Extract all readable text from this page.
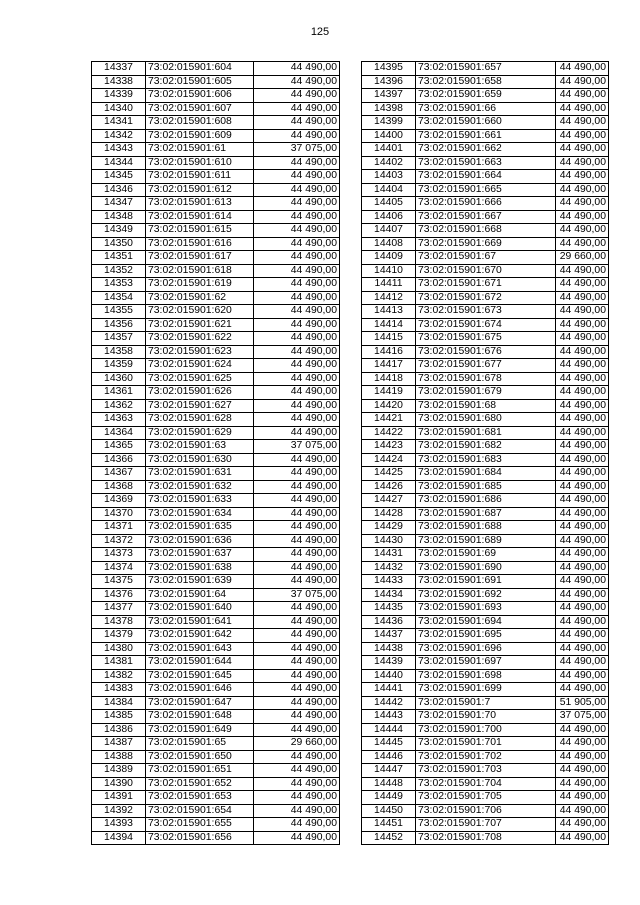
125
14337	73:02:015901:604	44 490,00
14338	73:02:015901:605	44 490,00
14339	73:02:015901:606	44 490,00
14340	73:02:015901:607	44 490,00
14341	73:02:015901:608	44 490,00
14342	73:02:015901:609	44 490,00
14343	73:02:015901:61	37 075,00
14344	73:02:015901:610	44 490,00
14345	73:02:015901:611	44 490,00
14346	73:02:015901:612	44 490,00
14347	73:02:015901:613	44 490,00
14348	73:02:015901:614	44 490,00
14349	73:02:015901:615	44 490,00
14350	73:02:015901:616	44 490,00
14351	73:02:015901:617	44 490,00
14352	73:02:015901:618	44 490,00
14353	73:02:015901:619	44 490,00
14354	73:02:015901:62	44 490,00
14355	73:02:015901:620	44 490,00
14356	73:02:015901:621	44 490,00
14357	73:02:015901:622	44 490,00
14358	73:02:015901:623	44 490,00
14359	73:02:015901:624	44 490,00
14360	73:02:015901:625	44 490,00
14361	73:02:015901:626	44 490,00
14362	73:02:015901:627	44 490,00
14363	73:02:015901:628	44 490,00
14364	73:02:015901:629	44 490,00
14365	73:02:015901:63	37 075,00
14366	73:02:015901:630	44 490,00
14367	73:02:015901:631	44 490,00
14368	73:02:015901:632	44 490,00
14369	73:02:015901:633	44 490,00
14370	73:02:015901:634	44 490,00
14371	73:02:015901:635	44 490,00
14372	73:02:015901:636	44 490,00
14373	73:02:015901:637	44 490,00
14374	73:02:015901:638	44 490,00
14375	73:02:015901:639	44 490,00
14376	73:02:015901:64	37 075,00
14377	73:02:015901:640	44 490,00
14378	73:02:015901:641	44 490,00
14379	73:02:015901:642	44 490,00
14380	73:02:015901:643	44 490,00
14381	73:02:015901:644	44 490,00
14382	73:02:015901:645	44 490,00
14383	73:02:015901:646	44 490,00
14384	73:02:015901:647	44 490,00
14385	73:02:015901:648	44 490,00
14386	73:02:015901:649	44 490,00
14387	73:02:015901:65	29 660,00
14388	73:02:015901:650	44 490,00
14389	73:02:015901:651	44 490,00
14390	73:02:015901:652	44 490,00
14391	73:02:015901:653	44 490,00
14392	73:02:015901:654	44 490,00
14393	73:02:015901:655	44 490,00
14394	73:02:015901:656	44 490,00
14395	73:02:015901:657	44 490,00
14396	73:02:015901:658	44 490,00
14397	73:02:015901:659	44 490,00
14398	73:02:015901:66	44 490,00
14399	73:02:015901:660	44 490,00
14400	73:02:015901:661	44 490,00
14401	73:02:015901:662	44 490,00
14402	73:02:015901:663	44 490,00
14403	73:02:015901:664	44 490,00
14404	73:02:015901:665	44 490,00
14405	73:02:015901:666	44 490,00
14406	73:02:015901:667	44 490,00
14407	73:02:015901:668	44 490,00
14408	73:02:015901:669	44 490,00
14409	73:02:015901:67	29 660,00
14410	73:02:015901:670	44 490,00
14411	73:02:015901:671	44 490,00
14412	73:02:015901:672	44 490,00
14413	73:02:015901:673	44 490,00
14414	73:02:015901:674	44 490,00
14415	73:02:015901:675	44 490,00
14416	73:02:015901:676	44 490,00
14417	73:02:015901:677	44 490,00
14418	73:02:015901:678	44 490,00
14419	73:02:015901:679	44 490,00
14420	73:02:015901:68	44 490,00
14421	73:02:015901:680	44 490,00
14422	73:02:015901:681	44 490,00
14423	73:02:015901:682	44 490,00
14424	73:02:015901:683	44 490,00
14425	73:02:015901:684	44 490,00
14426	73:02:015901:685	44 490,00
14427	73:02:015901:686	44 490,00
14428	73:02:015901:687	44 490,00
14429	73:02:015901:688	44 490,00
14430	73:02:015901:689	44 490,00
14431	73:02:015901:69	44 490,00
14432	73:02:015901:690	44 490,00
14433	73:02:015901:691	44 490,00
14434	73:02:015901:692	44 490,00
14435	73:02:015901:693	44 490,00
14436	73:02:015901:694	44 490,00
14437	73:02:015901:695	44 490,00
14438	73:02:015901:696	44 490,00
14439	73:02:015901:697	44 490,00
14440	73:02:015901:698	44 490,00
14441	73:02:015901:699	44 490,00
14442	73:02:015901:7	51 905,00
14443	73:02:015901:70	37 075,00
14444	73:02:015901:700	44 490,00
14445	73:02:015901:701	44 490,00
14446	73:02:015901:702	44 490,00
14447	73:02:015901:703	44 490,00
14448	73:02:015901:704	44 490,00
14449	73:02:015901:705	44 490,00
14450	73:02:015901:706	44 490,00
14451	73:02:015901:707	44 490,00
14452	73:02:015901:708	44 490,00
